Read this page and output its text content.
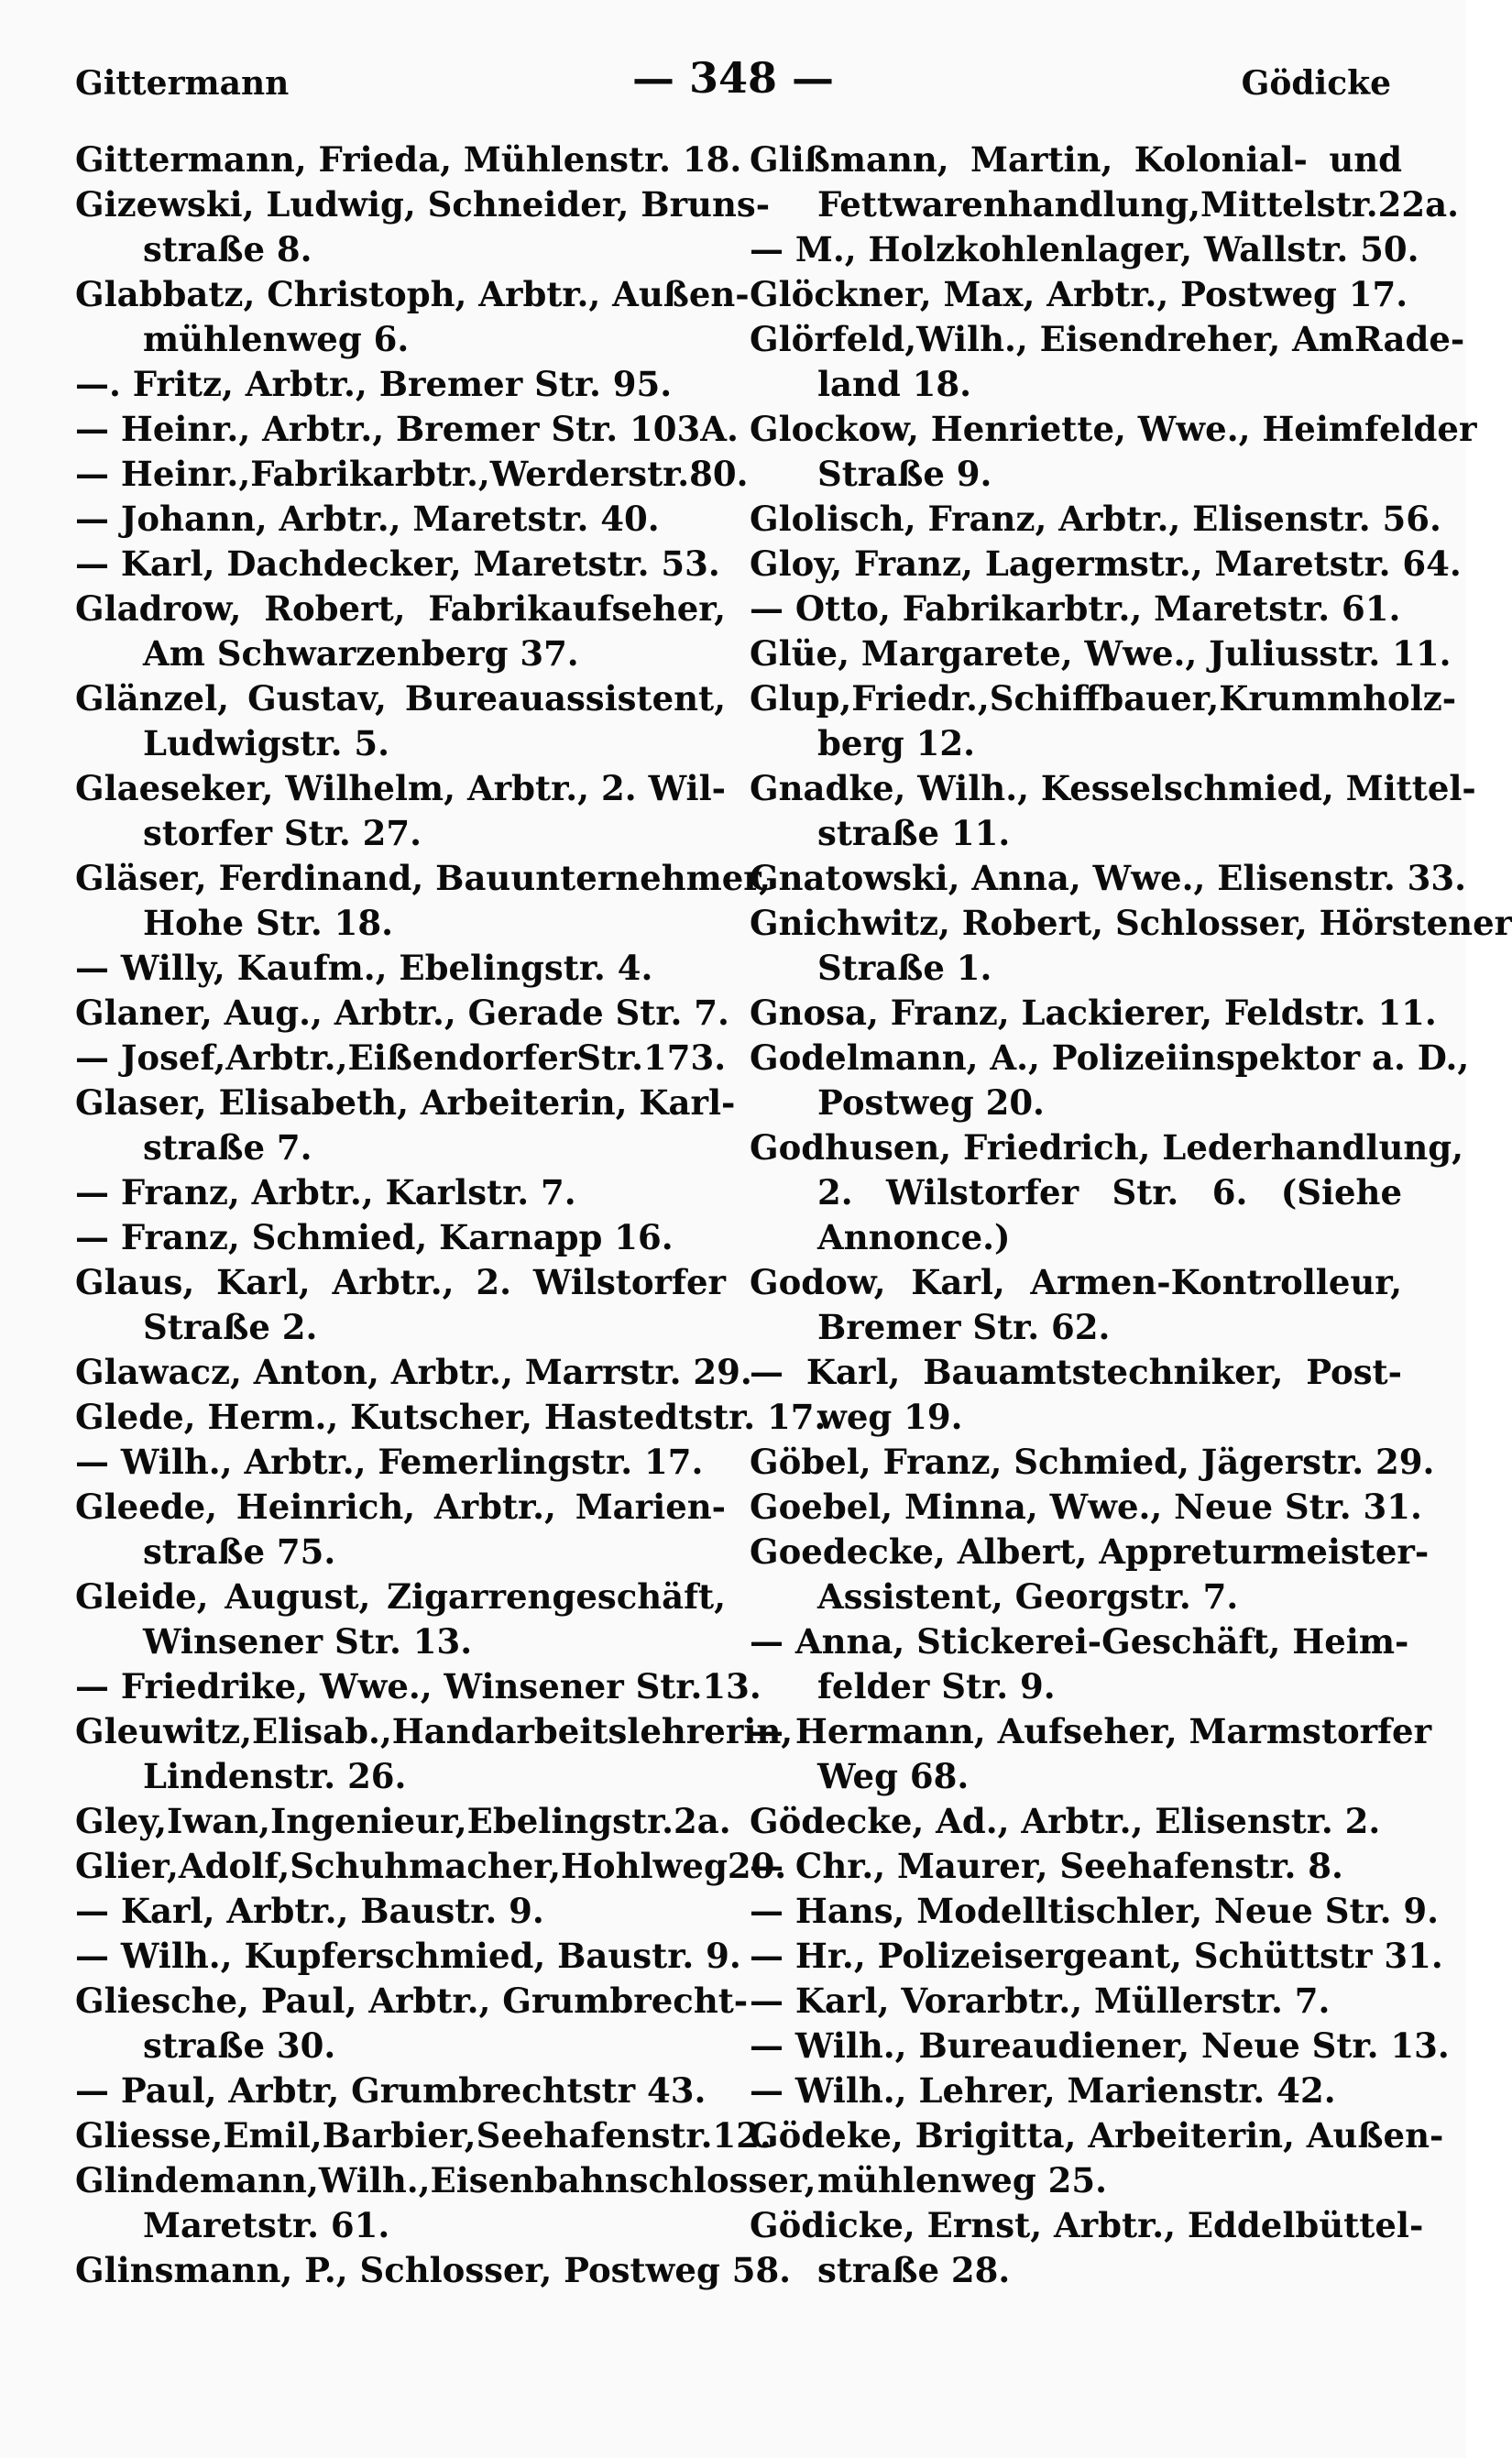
Gittermann	— 348 —	Gödicke
Gittermann, Frieda, Mühlenstr. 18.
Gizewski, Ludwig, Schneider, Bruns-
straße 8.
Glabbatz, Christoph, Arbtr., Außen-
mühlenweg 6.
—. Fritz, Arbtr., Bremer Str. 95.
— Heinr., Arbtr., Bremer Str. 103A.
— Heinr.,Fabrikarbtr.,Werderstr.80.
— Johann, Arbtr., Maretstr. 40.
— Karl, Dachdecker, Maretstr. 53.
Gladrow, Robert, Fabrikaufseher,
Am Schwarzenberg 37.
Glänzel, Gustav, Bureauassistent,
Ludwigstr. 5.
Glaeseker, Wilhelm, Arbtr., 2. Wil-
storfer Str. 27.
Gläser, Ferdinand, Bauunternehmer,
Hohe Str. 18.
— Willy, Kaufm., Ebelingstr. 4.
Glaner, Aug., Arbtr., Gerade Str. 7.
— Josef,Arbtr.,EißendorferStr.173.
Glaser, Elisabeth, Arbeiterin, Karl-
straße 7.
— Franz, Arbtr., Karlstr. 7.
— Franz, Schmied, Karnapp 16.
Glaus, Karl, Arbtr., 2. Wilstorfer
Straße 2.
Glawacz, Anton, Arbtr., Marrstr. 29.
Glede, Herm., Kutscher, Hastedtstr. 17.
— Wilh., Arbtr., Femerlingstr. 17.
Gleede, Heinrich, Arbtr., Marien-
straße 75.
Gleide, August, Zigarrengeschäft,
Winsener Str. 13.
— Friedrike, Wwe., Winsener Str.13.
Gleuwitz,Elisab.,Handarbeitslehrerin,
Lindenstr. 26.
Gley,Iwan,Ingenieur,Ebelingstr.2a.
Glier,Adolf,Schuhmacher,Hohlweg20.
— Karl, Arbtr., Baustr. 9.
— Wilh., Kupferschmied, Baustr. 9.
Gliesche, Paul, Arbtr., Grumbrecht-
straße 30.
— Paul, Arbtr, Grumbrechtstr 43.
Gliesse,Emil,Barbier,Seehafenstr.12.
Glindemann,Wilh.,Eisenbahnschlosser,
Maretstr. 61.
Glinsmann, P., Schlosser, Postweg 58.
Glißmann, Martin, Kolonial- und
Fettwarenhandlung,Mittelstr.22a.
— M., Holzkohlenlager, Wallstr. 50.
Glöckner, Max, Arbtr., Postweg 17.
Glörfeld,Wilh., Eisendreher, AmRade-
land 18.
Glockow, Henriette, Wwe., Heimfelder
Straße 9.
Glolisch, Franz, Arbtr., Elisenstr. 56.
Gloy, Franz, Lagermstr., Maretstr. 64.
— Otto, Fabrikarbtr., Maretstr. 61.
Glüe, Margarete, Wwe., Juliusstr. 11.
Glup,Friedr.,Schiffbauer,Krummholz-
berg 12.
Gnadke, Wilh., Kesselschmied, Mittel-
straße 11.
Gnatowski, Anna, Wwe., Elisenstr. 33.
Gnichwitz, Robert, Schlosser, Hörstener
Straße 1.
Gnosa, Franz, Lackierer, Feldstr. 11.
Godelmann, A., Polizeiinspektor a. D.,
Postweg 20.
Godhusen, Friedrich, Lederhandlung,
2. Wilstorfer Str. 6. (Siehe
Annonce.)
Godow, Karl, Armen-Kontrolleur,
Bremer Str. 62.
— Karl, Bauamtstechniker, Post-
weg 19.
Göbel, Franz, Schmied, Jägerstr. 29.
Goebel, Minna, Wwe., Neue Str. 31.
Goedecke, Albert, Appreturmeister-
Assistent, Georgstr. 7.
— Anna, Stickerei-Geschäft, Heim-
felder Str. 9.
— Hermann, Aufseher, Marmstorfer
Weg 68.
Gödecke, Ad., Arbtr., Elisenstr. 2.
— Chr., Maurer, Seehafenstr. 8.
— Hans, Modelltischler, Neue Str. 9.
— Hr., Polizeisergeant, Schüttstr 31.
— Karl, Vorarbtr., Müllerstr. 7.
— Wilh., Bureaudiener, Neue Str. 13.
— Wilh., Lehrer, Marienstr. 42.
Gödeke, Brigitta, Arbeiterin, Außen-
mühlenweg 25.
Gödicke, Ernst, Arbtr., Eddelbüttel-
straße 28.
